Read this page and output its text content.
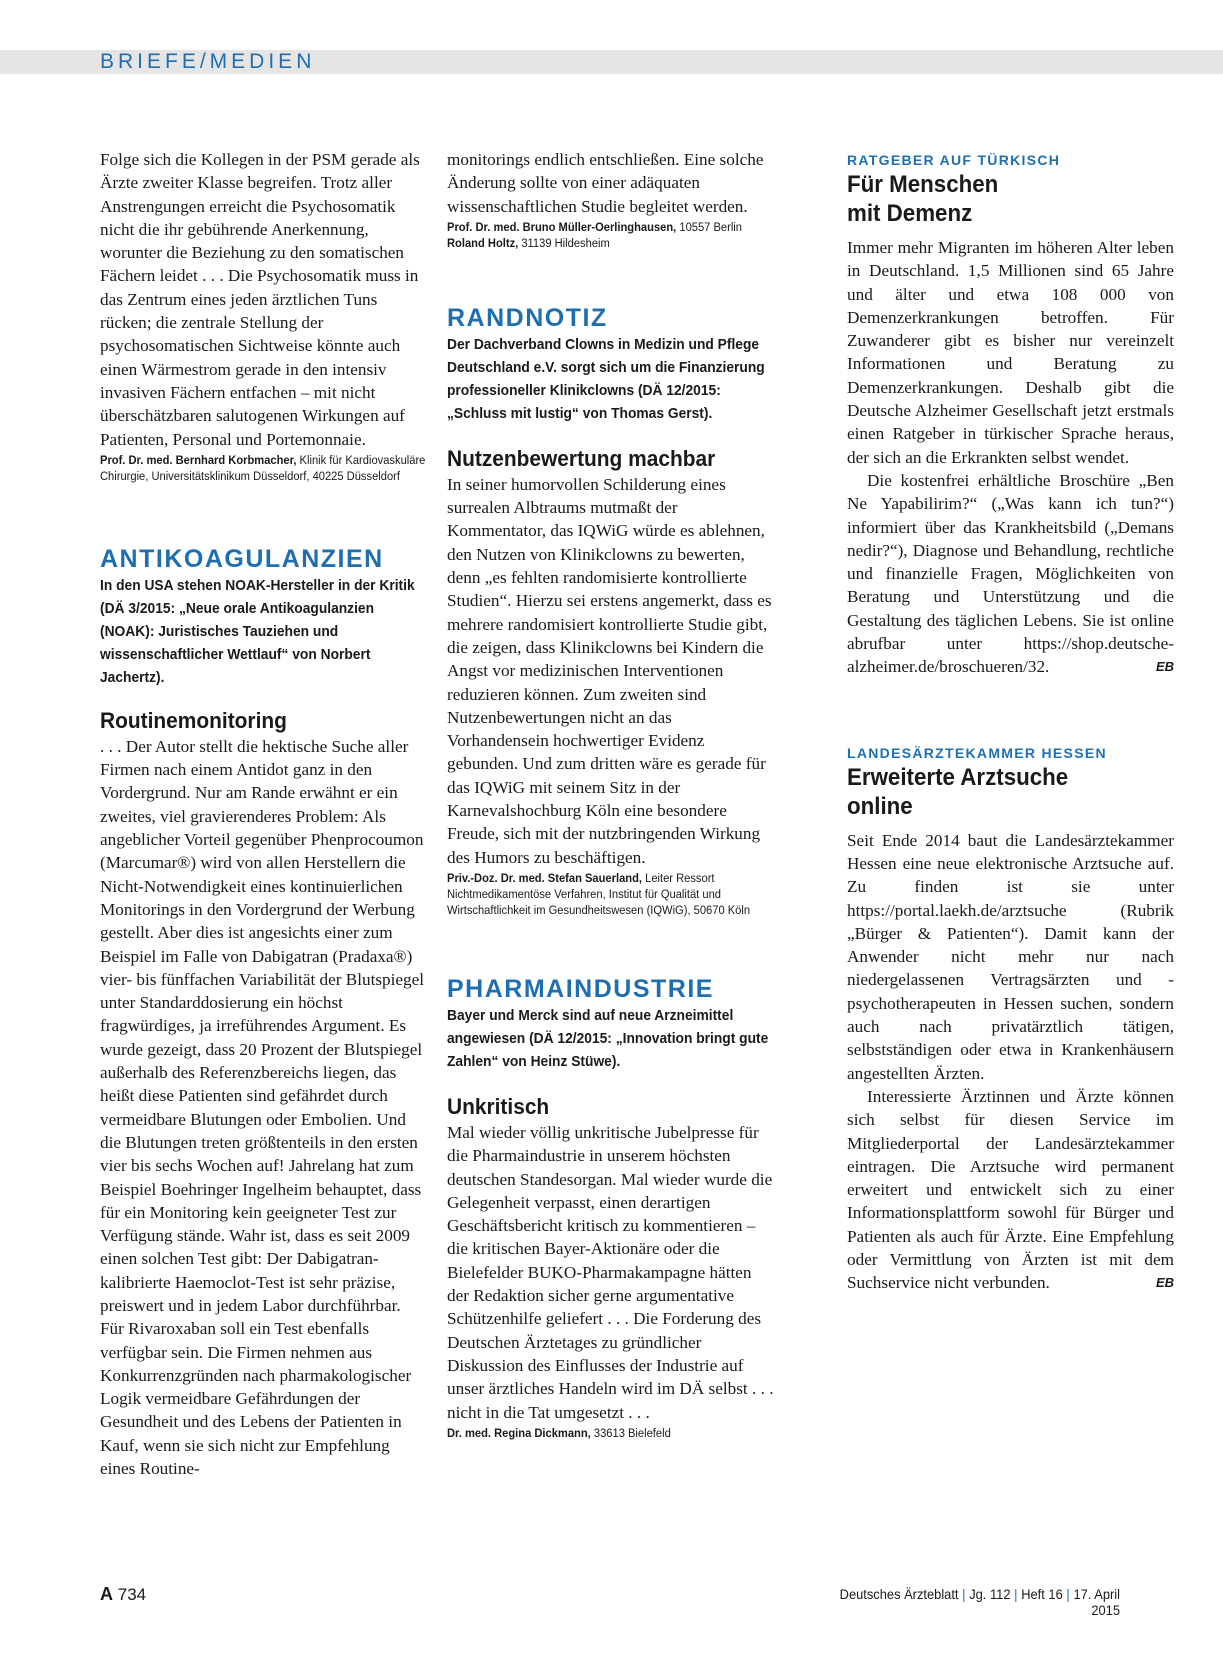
BRIEFE/MEDIEN

Folge sich die Kollegen in der PSM gerade als Ärzte zweiter Klasse begreifen. Trotz aller Anstrengungen erreicht die Psychosomatik nicht die ihr gebührende Anerkennung, worunter die Beziehung zu den somatischen Fächern leidet . . . Die Psychosomatik muss in das Zentrum eines jeden ärztlichen Tuns rücken; die zentrale Stellung der psychosomatischen Sichtweise könnte auch einen Wärmestrom gerade in den intensiv invasiven Fächern entfachen – mit nicht überschätzbaren salutogenen Wirkungen auf Patienten, Personal und Portemonnaie.

Prof. Dr. med. Bernhard Korbmacher, Klinik für Kardiovaskuläre Chirurgie, Universitätsklinikum Düsseldorf, 40225 Düsseldorf

ANTIKOAGULANZIEN

In den USA stehen NOAK-Hersteller in der Kritik (DÄ 3/2015: „Neue orale Antikoagulanzien (NOAK): Juristisches Tauziehen und wissenschaftlicher Wettlauf“ von Norbert Jachertz).

Routinemonitoring

. . . Der Autor stellt die hektische Suche aller Firmen nach einem Antidot ganz in den Vordergrund. Nur am Rande erwähnt er ein zweites, viel gravierenderes Problem: Als angeblicher Vorteil gegenüber Phenprocoumon (Marcumar®) wird von allen Herstellern die Nicht-Notwendigkeit eines kontinuierlichen Monitorings in den Vordergrund der Werbung gestellt. Aber dies ist angesichts einer zum Beispiel im Falle von Dabigatran (Pradaxa®) vier- bis fünffachen Variabilität der Blutspiegel unter Standarddosierung ein höchst fragwürdiges, ja irreführendes Argument. Es wurde gezeigt, dass 20 Prozent der Blutspiegel außerhalb des Referenzbereichs liegen, das heißt diese Patienten sind gefährdet durch vermeidbare Blutungen oder Embolien. Und die Blutungen treten größtenteils in den ersten vier bis sechs Wochen auf! Jahrelang hat zum Beispiel Boehringer Ingelheim behauptet, dass für ein Monitoring kein geeigneter Test zur Verfügung stände. Wahr ist, dass es seit 2009 einen solchen Test gibt: Der Dabigatran-kalibrierte Haemoclot-Test ist sehr präzise, preiswert und in jedem Labor durchführbar. Für Rivaroxaban soll ein Test ebenfalls verfügbar sein. Die Firmen nehmen aus Konkurrenzgründen nach pharmakologischer Logik vermeidbare Gefährdungen der Gesundheit und des Lebens der Patienten in Kauf, wenn sie sich nicht zur Empfehlung eines Routine-

monitorings endlich entschließen. Eine solche Änderung sollte von einer adäquaten wissenschaftlichen Studie begleitet werden.

Prof. Dr. med. Bruno Müller-Oerlinghausen, 10557 Berlin
Roland Holtz, 31139 Hildesheim

RANDNOTIZ

Der Dachverband Clowns in Medizin und Pflege Deutschland e.V. sorgt sich um die Finanzierung professioneller Klinikclowns (DÄ 12/2015: „Schluss mit lustig“ von Thomas Gerst).

Nutzenbewertung machbar

In seiner humorvollen Schilderung eines surrealen Albtraums mutmaßt der Kommentator, das IQWiG würde es ablehnen, den Nutzen von Klinikclowns zu bewerten, denn „es fehlten randomisierte kontrollierte Studien“. Hierzu sei erstens angemerkt, dass es mehrere randomisiert kontrollierte Studie gibt, die zeigen, dass Klinikclowns bei Kindern die Angst vor medizinischen Interventionen reduzieren können. Zum zweiten sind Nutzenbewertungen nicht an das Vorhandensein hochwertiger Evidenz gebunden. Und zum dritten wäre es gerade für das IQWiG mit seinem Sitz in der Karnevalshochburg Köln eine besondere Freude, sich mit der nutzbringenden Wirkung des Humors zu beschäftigen.

Priv.-Doz. Dr. med. Stefan Sauerland, Leiter Ressort Nichtmedikamentöse Verfahren, Institut für Qualität und Wirtschaftlichkeit im Gesundheitswesen (IQWiG), 50670 Köln

PHARMAINDUSTRIE

Bayer und Merck sind auf neue Arzneimittel angewiesen (DÄ 12/2015: „Innovation bringt gute Zahlen“ von Heinz Stüwe).

Unkritisch

Mal wieder völlig unkritische Jubelpresse für die Pharmaindustrie in unserem höchsten deutschen Standesorgan. Mal wieder wurde die Gelegenheit verpasst, einen derartigen Geschäftsbericht kritisch zu kommentieren – die kritischen Bayer-Aktionäre oder die Bielefelder BUKO-Pharmakampagne hätten der Redaktion sicher gerne argumentative Schützenhilfe geliefert . . . Die Forderung des Deutschen Ärztetages zu gründlicher Diskussion des Einflusses der Industrie auf unser ärztliches Handeln wird im DÄ selbst . . . nicht in die Tat umgesetzt . . .

Dr. med. Regina Dickmann, 33613 Bielefeld

RATGEBER AUF TÜRKISCH

Für Menschen
mit Demenz

Immer mehr Migranten im höheren Alter leben in Deutschland. 1,5 Millionen sind 65 Jahre und älter und etwa 108 000 von Demenzerkrankungen betroffen. Für Zuwanderer gibt es bisher nur vereinzelt Informationen und Beratung zu Demenzerkrankungen. Deshalb gibt die Deutsche Alzheimer Gesellschaft jetzt erstmals einen Ratgeber in türkischer Sprache heraus, der sich an die Erkrankten selbst wendet.

Die kostenfrei erhältliche Broschüre „Ben Ne Yapabilirim?“ („Was kann ich tun?“) informiert über das Krankheitsbild („Demans nedir?“), Diagnose und Behandlung, rechtliche und finanzielle Fragen, Möglichkeiten von Beratung und Unterstützung und die Gestaltung des täglichen Lebens. Sie ist online abrufbar unter https://shop.deutsche-alzheimer.de/broschueren/32.	EB

LANDESÄRZTEKAMMER HESSEN

Erweiterte Arztsuche
online

Seit Ende 2014 baut die Landesärztekammer Hessen eine neue elektronische Arztsuche auf. Zu finden ist sie unter https://portal.laekh.de/arztsuche (Rubrik „Bürger & Patienten“). Damit kann der Anwender nicht mehr nur nach niedergelassenen Vertragsärzten und -psychotherapeuten in Hessen suchen, sondern auch nach privatärztlich tätigen, selbstständigen oder etwa in Krankenhäusern angestellten Ärzten.

Interessierte Ärztinnen und Ärzte können sich selbst für diesen Service im Mitgliederportal der Landesärztekammer eintragen. Die Arztsuche wird permanent erweitert und entwickelt sich zu einer Informationsplattform sowohl für Bürger und Patienten als auch für Ärzte. Eine Empfehlung oder Vermittlung von Ärzten ist mit dem Suchservice nicht verbunden.	EB

A 734	Deutsches Ärzteblatt | Jg. 112 | Heft 16 | 17. April 2015
